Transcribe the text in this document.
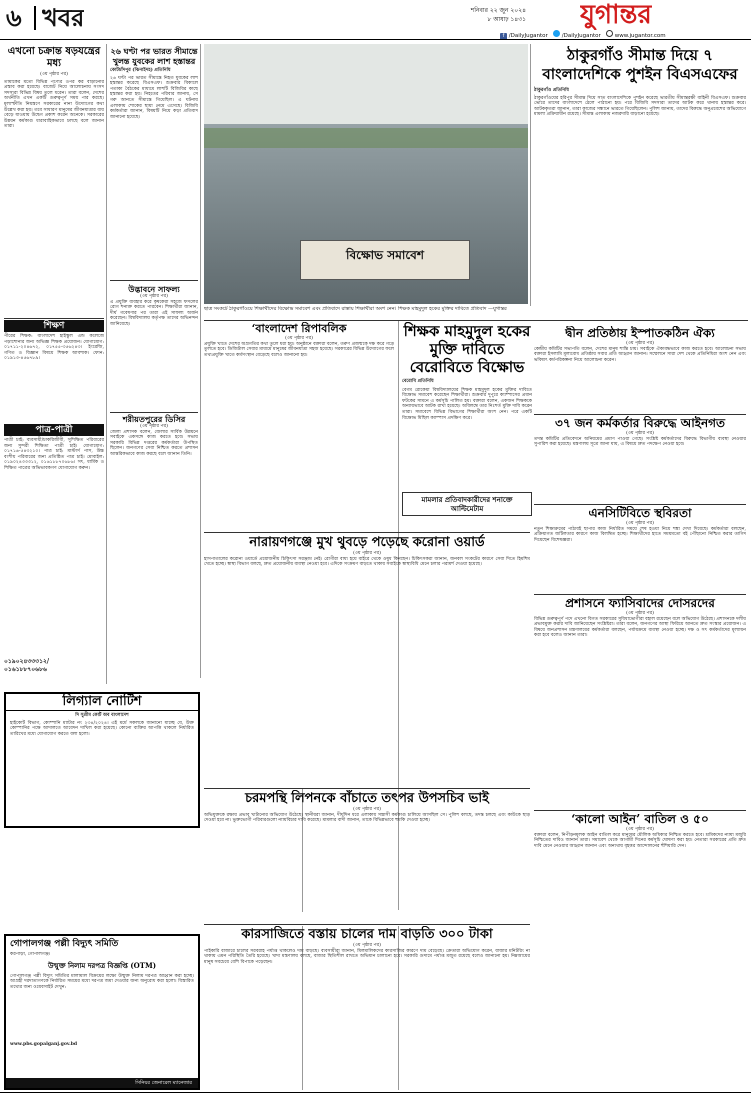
৬ খবর	শনিবার ২২ জুন ২০২৪
৮ আষাঢ় ১৪৩১ যুগান্তর
f /DailyJugantor	/DailyJugantor	www.jugantor.com
এখনো চক্রান্ত ষড়যন্ত্রের মধ্য
(৩য় পৃষ্ঠার পর)
তামাকের মতো বিভিন্ন পণ্যের ওপর কর বাড়ানোর প্রস্তাব করা হয়েছে। বাজেট নিয়ে আলোচনায় সংসদ সদস্যরা বিভিন্ন বিষয় তুলে ধরেন। তারা বলেন, দেশের অর্থনীতি এখন একটি গুরুত্বপূর্ণ সময় পার করছে। মূল্যস্ফীতি নিয়ন্ত্রণে সরকারের নানা উদ্যোগের কথা উল্লেখ করা হয়। তবে সাধারণ মানুষের জীবনযাত্রার ব্যয় বেড়ে যাওয়ায় উদ্বেগ প্রকাশ করেন অনেকে। সরকারের উন্নয়ন কর্মকাণ্ড ধারাবাহিকভাবে চলছে বলে জানান তারা।
শিক্ষণ
পীরের শিক্ষক: বাংলাদেশ হাইস্কুল এন্ড কলেজে পড়াশোনার জন্য অভিজ্ঞ শিক্ষক প্রয়োজন। যোগাযোগ: ০১৭১১-২০৪৬৭২, ০১৭৫৫-৩৫৬২৪৩। ইংরেজি, গণিত ও বিজ্ঞান বিষয়ে শিক্ষক আবশ্যক। ফোন: ০১৯১৩-৪৫৬৭৮৯।
পাত্র-পাত্রী
পাত্রী চাই: ব্যবসায়ী/চাকরিজীবী, সুশিক্ষিত পরিবারের জন্য সুন্দরী শিক্ষিতা পাত্রী চাই। যোগাযোগ: ০১৭১৬-৫৪৩২১০। পাত্র চাই: মাস্টার্স পাস, উচ্চ বংশীয় পরিবারের জন্য প্রতিষ্ঠিত পাত্র চাই। মোবাইল: ০১৯০২৪৩৩৩১২, ০১৬১৮৮৭০৬৮৬। সৎ, ধার্মিক ও শিক্ষিত পাত্রের অভিভাবকগণ যোগাযোগ করুন।
০১৯০২৪৩৩৩১২/
০১৬১৮৮৭০৬৮৬
লিগ্যাল নোটিশ
দি সুপ্রীম কোর্ট অব বাংলাদেশ
হাইকোর্ট বিভাগ, কোম্পানি ম্যাটার নং ২৩৪/২০২৪। এই মর্মে সকলকে জানানো যাচ্ছে যে, উক্ত কোম্পানির পক্ষে আদালতে আবেদন দাখিল করা হয়েছে। কোনো ব্যক্তির আপত্তি থাকলে নির্ধারিত তারিখের মধ্যে যোগাযোগ করতে বলা হলো।
গোপালগঞ্জ পল্লী বিদ্যুৎ সমিতি
করপাড়া, গোপালগঞ্জ।
উন্মুক্ত নিলাম দরপত্র বিজ্ঞপ্তি (OTM)
গোপালগঞ্জ পল্লী বিদ্যুৎ সমিতির মালামাল বিক্রয়ের লক্ষ্যে উন্মুক্ত নিলাম দরপত্র আহ্বান করা হচ্ছে। আগ্রহী দরদাতাগণকে নির্ধারিত সময়ের মধ্যে দরপত্র জমা দেওয়ার জন্য অনুরোধ করা হলো। বিস্তারিত তথ্যের জন্য ওয়েবসাইট দেখুন:
www.pbs.gopalganj.gov.bd
সিনিয়র জেনারেল ম্যানেজার
২৬ ঘণ্টা পর ভারত সীমান্তে খুলন্ত যুবকের লাশ হস্তান্তর
কোটচাঁদপুর (ঝিনাইদহ) প্রতিনিধি
২৬ ঘণ্টা পর ভারত সীমান্তে নিহত যুবকের লাশ হস্তান্তর করেছে বিএসএফ। শুক্রবার বিকালে পতাকা বৈঠকের মাধ্যমে লাশটি বিজিবির কাছে হস্তান্তর করা হয়। নিহতের পরিবার জানায়, সে গরু আনতে সীমান্তে গিয়েছিল। এ ঘটনায় এলাকায় শোকের ছায়া নেমে এসেছে। বিজিবি কর্মকর্তারা জানান, বিষয়টি নিয়ে কড়া প্রতিবাদ জানানো হয়েছে।
উদ্ভাবনে সাফল্য
(৩য় পৃষ্ঠার পর)
এ প্রযুক্তি ব্যবহার করে কৃষকেরা সহজে ফসলের রোগ শনাক্ত করতে পারবেন। শিক্ষার্থীরা জানান, দীর্ঘ গবেষণার পর তারা এই সাফল্য অর্জন করেছেন। বিশ্ববিদ্যালয় কর্তৃপক্ষ তাদের অভিনন্দন জানিয়েছে।
শরীয়তপুরের ডিসির
(৩য় পৃষ্ঠার পর)
জেলা প্রশাসক বলেন, জেলার সার্বিক উন্নয়নে সবাইকে একসঙ্গে কাজ করতে হবে। সভায় সরকারি বিভিন্ন দপ্তরের কর্মকর্তারা উপস্থিত ছিলেন। জনগণের সেবা নিশ্চিত করতে প্রশাসন আন্তরিকভাবে কাজ করছে বলে জানান তিনি।
বিক্ষোভ সমাবেশ
ছাত্র সংকটে ঠাকুরগাঁওয়ে শিক্ষার্থীদের বিক্ষোভ সমাবেশ এবং প্রতিবাদে রাস্তায় শিক্ষার্থীরা অংশ নেন। শিক্ষক মাহমুদুল হকের মুক্তির দাবিতে প্রতিবাদ —যুগান্তর
‘বাংলাদেশ রিপাবলিক
(৩য় পৃষ্ঠার পর)
প্রযুক্তি খাতে দেশের অগ্রগতির কথা তুলে ধরা হয়। অনুষ্ঠানে বক্তারা বলেন, তরুণ প্রজন্মকে দক্ষ করে গড়ে তুলতে হবে। ডিজিটাল সেবার মাধ্যমে মানুষের জীবনযাত্রা সহজ হয়েছে। সরকারের বিভিন্ন উদ্যোগের ফলে তথ্যপ্রযুক্তি খাতে কর্মসংস্থান বেড়েছে বলেও জানানো হয়।
শিক্ষক মাহমুদুল হকের মুক্তি দাবিতে বেরোবিতে বিক্ষোভ
বেরোবি প্রতিনিধি
বেগম রোকেয়া বিশ্ববিদ্যালয়ের শিক্ষক মাহমুদুল হকের মুক্তির দাবিতে বিক্ষোভ সমাবেশ করেছেন শিক্ষার্থীরা। শুক্রবার দুপুরে ক্যাম্পাসের প্রধান ফটকের সামনে এ কর্মসূচি পালিত হয়। বক্তারা বলেন, একজন শিক্ষককে অন্যায়ভাবে আটক রাখা হয়েছে। অবিলম্বে তার নিঃশর্ত মুক্তি দাবি করেন তারা। সমাবেশে বিভিন্ন বিভাগের শিক্ষার্থীরা অংশ নেন। পরে একটি বিক্ষোভ মিছিল ক্যাম্পাস প্রদক্ষিণ করে।
মামলার প্রতিবাদকারীদের শনাক্তে আল্টিমেটাম
ঠাকুরগাঁও সীমান্ত দিয়ে ৭ বাংলাদেশিকে পুশইন বিএসএফের
ঠাকুরগাঁও প্রতিনিধি
ঠাকুরগাঁওয়ের হরিপুর সীমান্ত দিয়ে সাত বাংলাদেশিকে পুশইন করেছে ভারতীয় সীমান্তরক্ষী বাহিনী বিএসএফ। শুক্রবার ভোরে তাদের বাংলাদেশে ঠেলে পাঠানো হয়। পরে বিজিবি সদস্যরা তাদের আটক করে থানায় হস্তান্তর করে। আটককৃতরা জানান, তারা কাজের সন্ধানে ভারতে গিয়েছিলেন। পুলিশ জানায়, তাদের বিরুদ্ধে অনুপ্রবেশের অভিযোগে মামলা প্রক্রিয়াধীন রয়েছে। সীমান্ত এলাকায় নজরদারি বাড়ানো হয়েছে।
দ্বীন প্রতিষ্ঠায় ইস্পাতকঠিন ঐক্য
(৩য় পৃষ্ঠার পর)
কেন্দ্রীয় কমিটির সভাপতি বলেন, দেশের মানুষ শান্তি চায়। সবাইকে ঐক্যবদ্ধভাবে কাজ করতে হবে। আলোচনা সভায় বক্তারা ইসলামি মূল্যবোধ প্রতিষ্ঠায় সবার প্রতি আহ্বান জানান। সম্মেলনে সারা দেশ থেকে প্রতিনিধিরা অংশ নেন এবং ভবিষ্যৎ কর্মপরিকল্পনা নিয়ে আলোচনা করেন।
৩৭ জন কর্মকর্তার বিরুদ্ধে আইনগত
(৩য় পৃষ্ঠার পর)
তদন্ত কমিটির প্রতিবেদনে অনিয়মের প্রমাণ পাওয়া গেছে। সংশ্লিষ্ট কর্মকর্তাদের বিরুদ্ধে বিভাগীয় ব্যবস্থা নেওয়ার সুপারিশ করা হয়েছে। মন্ত্রণালয় সূত্রে জানা যায়, এ বিষয়ে দ্রুত পদক্ষেপ নেওয়া হবে।
এনসিটিবিতে স্থবিরতা
(৩য় পৃষ্ঠার পর)
নতুন শিক্ষাক্রমের পাঠ্যবই ছাপার কাজ নির্ধারিত সময়ে শেষ হওয়া নিয়ে শঙ্কা দেখা দিয়েছে। কর্মকর্তারা বলছেন, প্রক্রিয়াগত জটিলতার কারণে কাজ বিলম্বিত হচ্ছে। শিক্ষার্থীদের হাতে সময়মতো বই পৌঁছানো নিশ্চিত করার তাগিদ দিয়েছেন বিশেষজ্ঞরা।
প্রশাসনে ফ্যাসিবাদের দোসরদের
(৩য় পৃষ্ঠার পর)
বিভিন্ন গুরুত্বপূর্ণ পদে এখনো বিগত সরকারের সুবিধাভোগীরা বহাল রয়েছেন বলে অভিযোগ উঠেছে। প্রশাসনকে দলীয় প্রভাবমুক্ত করার দাবি জানিয়েছেন সংশ্লিষ্টরা। তারা বলেন, জনগণের আস্থা ফিরিয়ে আনতে দ্রুত সংস্কার প্রয়োজন। এ বিষয়ে জনপ্রশাসন মন্ত্রণালয়ের কর্মকর্তারা বলছেন, পর্যায়ক্রমে ব্যবস্থা নেওয়া হচ্ছে। দক্ষ ও সৎ কর্মকর্তাদের মূল্যায়ন করা হবে বলেও জানান তারা।
‘কালো আইন’ বাতিল ও ৫০
(৩য় পৃষ্ঠার পর)
বক্তারা বলেন, নিপীড়নমূলক আইন বাতিল করে মানুষের মৌলিক অধিকার নিশ্চিত করতে হবে। শ্রমিকদের ন্যায্য মজুরি নিশ্চিতের দাবিও জানান তারা। সমাবেশ থেকে আগামী দিনের কর্মসূচি ঘোষণা করা হয়। নেতারা সরকারের প্রতি দ্রুত দাবি মেনে নেওয়ার আহ্বান জানান এবং অন্যথায় বৃহত্তর আন্দোলনের হুঁশিয়ারি দেন।
নারায়ণগঞ্জে মুখ থুবড়ে পড়েছে করোনা ওয়ার্ড
(৩য় পৃষ্ঠার পর)
হাসপাতালের করোনা ওয়ার্ডে প্রয়োজনীয় চিকিৎসা সরঞ্জাম নেই। রোগীরা বাধ্য হয়ে বাইরে থেকে ওষুধ কিনছেন। চিকিৎসকরা জানান, জনবল সংকটের কারণে সেবা দিতে হিমশিম খেতে হচ্ছে। স্বাস্থ্য বিভাগ বলছে, দ্রুত প্রয়োজনীয় ব্যবস্থা নেওয়া হবে। এদিকে সংক্রমণ বাড়তে থাকায় সবাইকে স্বাস্থ্যবিধি মেনে চলার পরামর্শ দেওয়া হয়েছে।
চরমপন্থি লিপনকে বাঁচাতে তৎপর উপসচিব ভাই
(৩য় পৃষ্ঠার পর)
অভিযুক্তকে রক্ষায় প্রভাব খাটানোর অভিযোগ উঠেছে। স্থানীয়রা জানান, দীর্ঘদিন ধরে এলাকায় সন্ত্রাসী কর্মকাণ্ড চালিয়ে আসছিল সে। পুলিশ বলছে, তদন্ত চলছে এবং কাউকে ছাড় দেওয়া হবে না। ভুক্তভোগী পরিবারগুলো ন্যায়বিচার দাবি করেছে। মামলার বাদী জানান, তাকে বিভিন্নভাবে হুমকি দেওয়া হচ্ছে।
কারসাজিতে বস্তায় চালের দাম বাড়তি ৩০০ টাকা
(৩য় পৃষ্ঠার পর)
পাইকারি বাজারে চালের সরবরাহ পর্যাপ্ত থাকলেও দাম বাড়ছে। ব্যবসায়ীরা জানান, মিলমালিকদের কারসাজির কারণে দাম বেড়েছে। ক্রেতারা অভিযোগ করেন, বাজার মনিটরিং না থাকায় এমন পরিস্থিতি তৈরি হয়েছে। খাদ্য মন্ত্রণালয় বলছে, বাজার স্থিতিশীল রাখতে অভিযান চালানো হবে। সরকারি গুদামে পর্যাপ্ত মজুত রয়েছে বলেও জানানো হয়। নিম্নআয়ের মানুষ সবচেয়ে বেশি বিপাকে পড়েছেন।
